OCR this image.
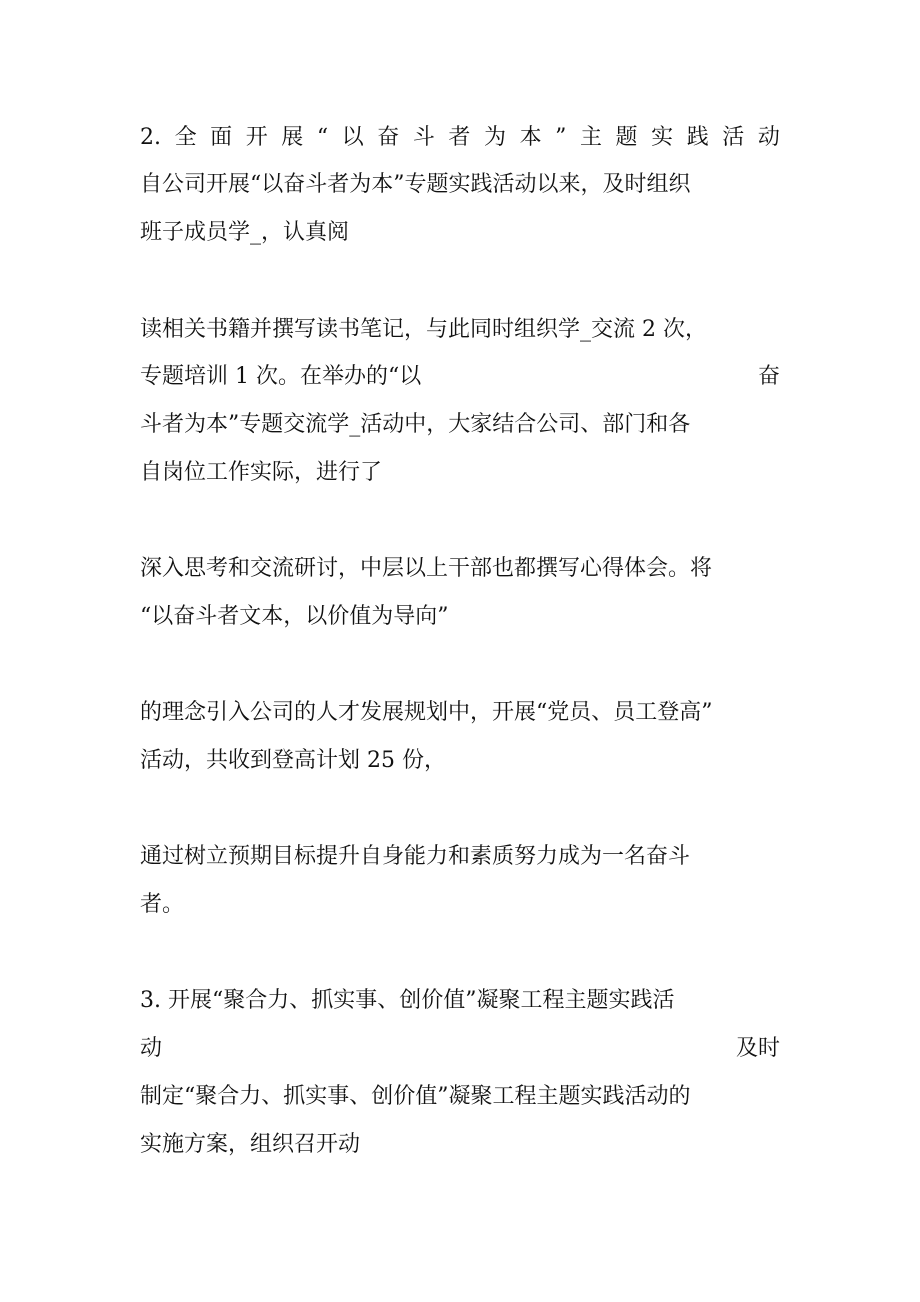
2. 全 面 开 展 “ 以 奋 斗 者 为 本 ” 主 题 实 践 活 动
自公司开展“以奋斗者为本”专题实践活动以来，及时组织
班子成员学_，认真阅
读相关书籍并撰写读书笔记，与此同时组织学_交流 2 次，
专题培训 1 次。在举办的“以	奋
斗者为本”专题交流学_活动中，大家结合公司、部门和各
自岗位工作实际，进行了
深入思考和交流研讨，中层以上干部也都撰写心得体会。将
“以奋斗者文本，以价值为导向”
的理念引入公司的人才发展规划中，开展“党员、员工登高”
活动，共收到登高计划 25 份，
通过树立预期目标提升自身能力和素质努力成为一名奋斗
者。
3. 开展“聚合力、抓实事、创价值”凝聚工程主题实践活
动	及时
制定“聚合力、抓实事、创价值”凝聚工程主题实践活动的
实施方案，组织召开动
